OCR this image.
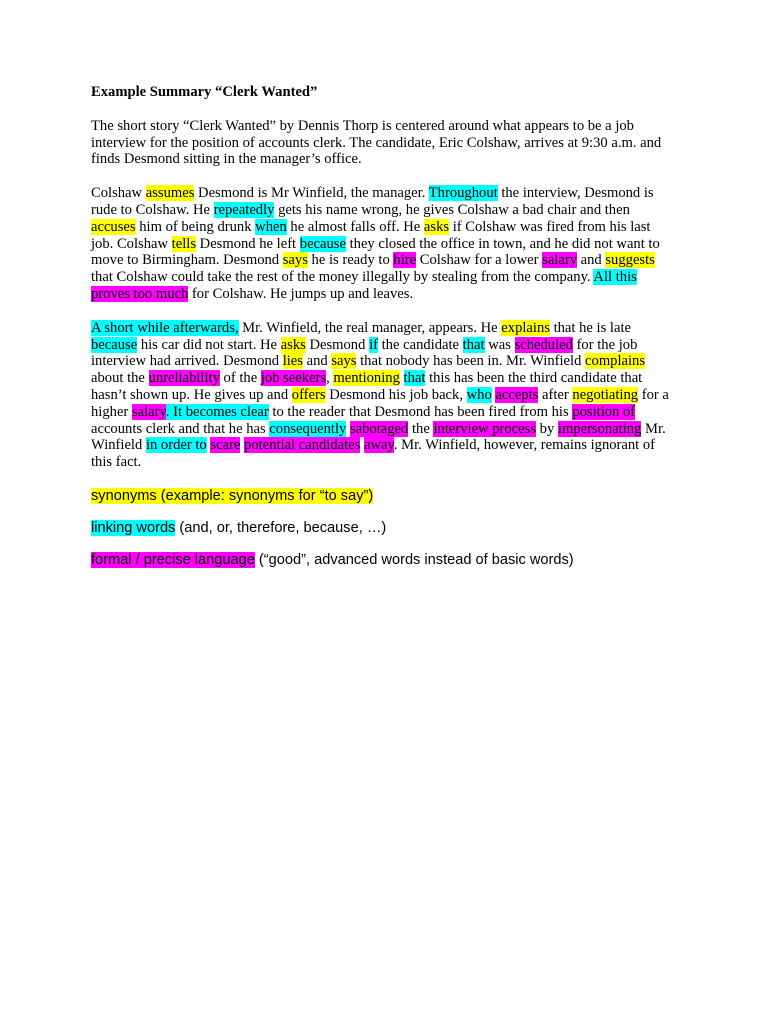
Example Summary “Clerk Wanted”

The short story “Clerk Wanted” by Dennis Thorp is centered around what appears to be a job interview for the position of accounts clerk. The candidate, Eric Colshaw, arrives at 9:30 a.m. and finds Desmond sitting in the manager’s office.

Colshaw assumes Desmond is Mr Winfield, the manager. Throughout the interview, Desmond is rude to Colshaw. He repeatedly gets his name wrong, he gives Colshaw a bad chair and then accuses him of being drunk when he almost falls off. He asks if Colshaw was fired from his last job. Colshaw tells Desmond he left because they closed the office in town, and he did not want to move to Birmingham. Desmond says he is ready to hire Colshaw for a lower salary and suggests that Colshaw could take the rest of the money illegally by stealing from the company. All this proves too much for Colshaw. He jumps up and leaves.

A short while afterwards, Mr. Winfield, the real manager, appears. He explains that he is late because his car did not start. He asks Desmond if the candidate that was scheduled for the job interview had arrived. Desmond lies and says that nobody has been in. Mr. Winfield complains about the unreliability of the job seekers, mentioning that this has been the third candidate that hasn’t shown up. He gives up and offers Desmond his job back, who accepts after negotiating for a higher salary. It becomes clear to the reader that Desmond has been fired from his position of accounts clerk and that he has consequently sabotaged the interview process by impersonating Mr. Winfield in order to scare potential candidates away. Mr. Winfield, however, remains ignorant of this fact.

synonyms (example: synonyms for “to say”)
linking words (and, or, therefore, because, …)
formal / precise language (“good”, advanced words instead of basic words)
